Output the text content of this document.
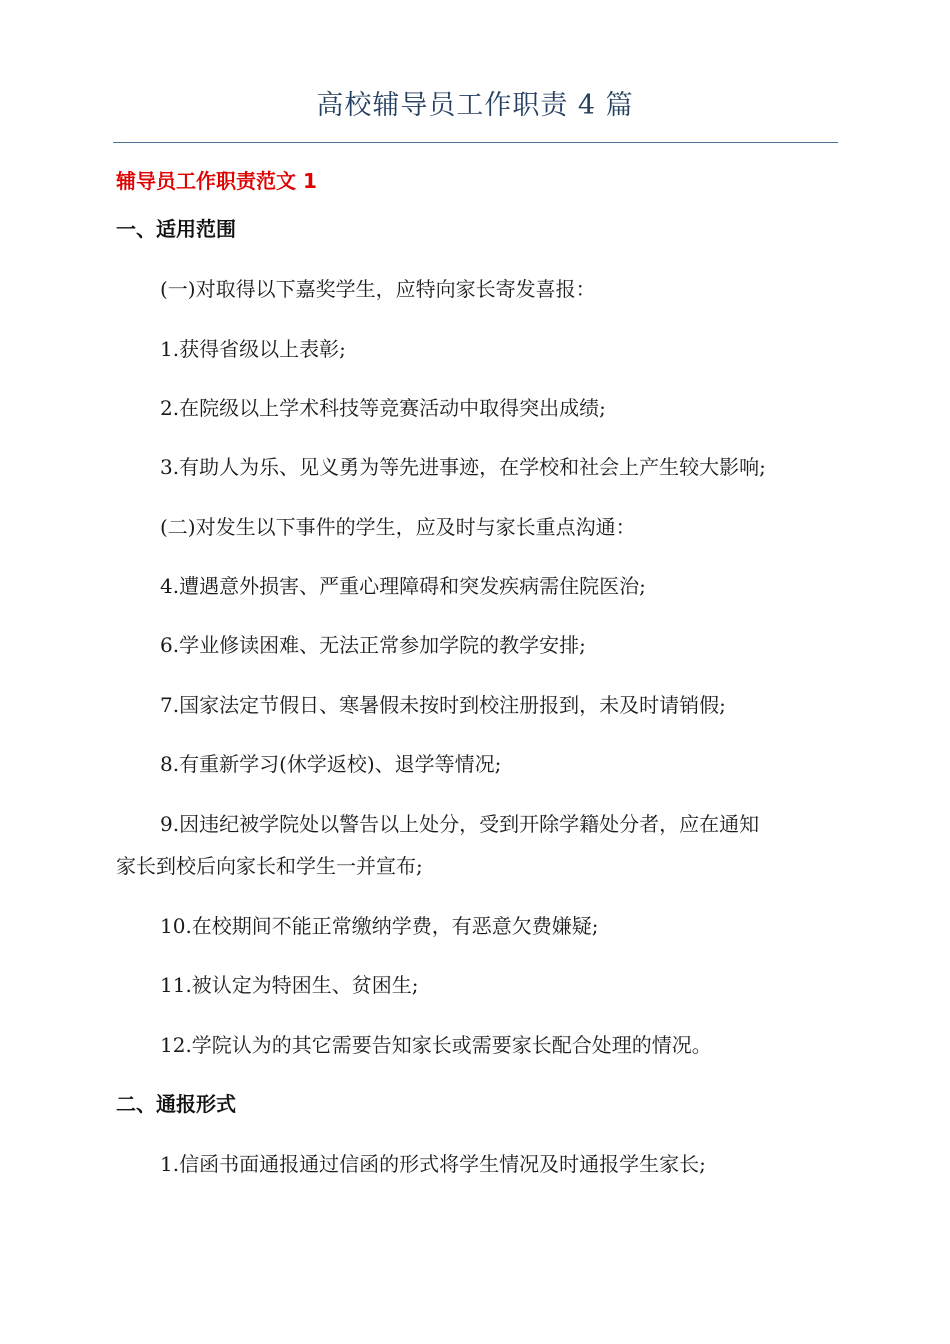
高校辅导员工作职责 4 篇
辅导员工作职责范文 1
一、适用范围
(一)对取得以下嘉奖学生，应特向家长寄发喜报：
1.获得省级以上表彰;
2.在院级以上学术科技等竞赛活动中取得突出成绩;
3.有助人为乐、见义勇为等先进事迹，在学校和社会上产生较大影响;
(二)对发生以下事件的学生，应及时与家长重点沟通：
4.遭遇意外损害、严重心理障碍和突发疾病需住院医治;
6.学业修读困难、无法正常参加学院的教学安排;
7.国家法定节假日、寒暑假未按时到校注册报到，未及时请销假;
8.有重新学习(休学返校)、退学等情况;
9.因违纪被学院处以警告以上处分，受到开除学籍处分者，应在通知
家长到校后向家长和学生一并宣布;
10.在校期间不能正常缴纳学费，有恶意欠费嫌疑;
11.被认定为特困生、贫困生;
12.学院认为的其它需要告知家长或需要家长配合处理的情况。
二、通报形式
1.信函书面通报通过信函的形式将学生情况及时通报学生家长;
